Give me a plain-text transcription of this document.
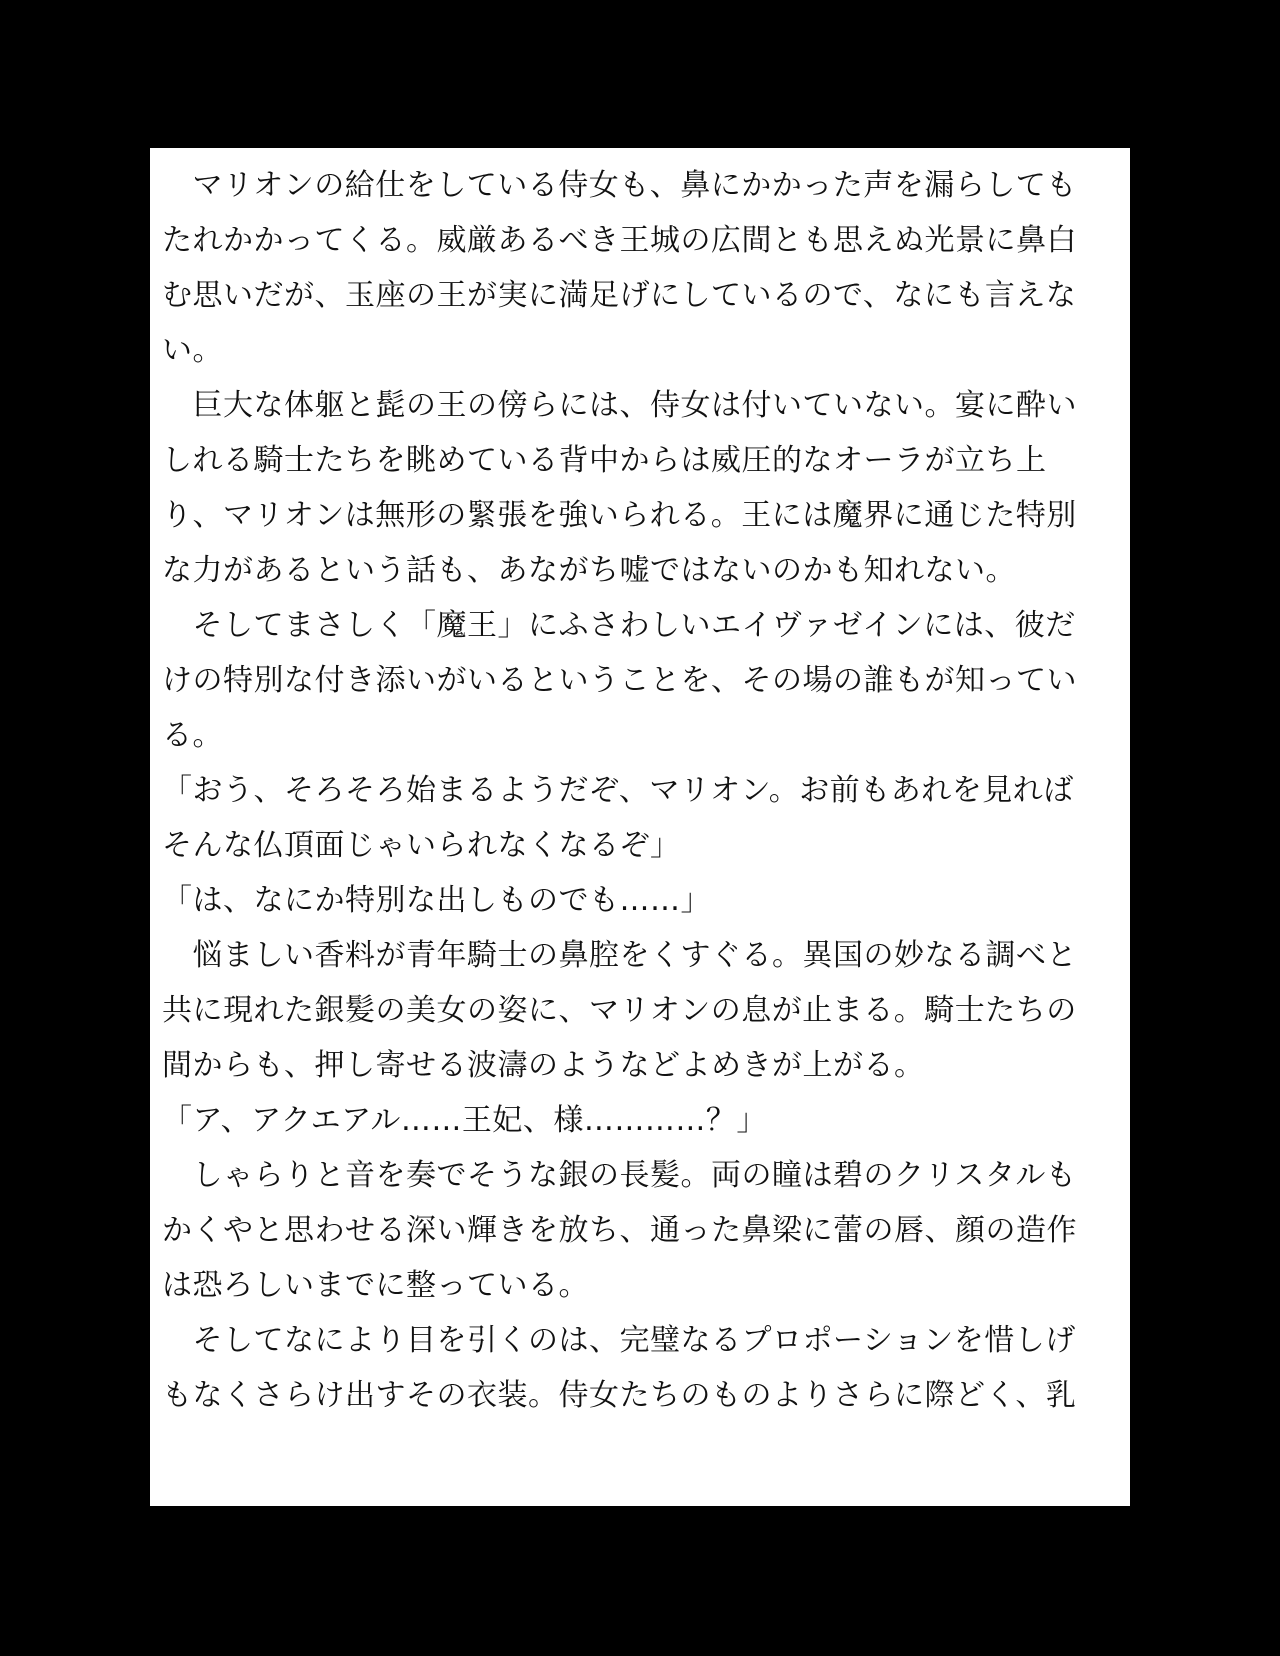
　マリオンの給仕をしている侍女も、鼻にかかった声を漏らしても
たれかかってくる。威厳あるべき王城の広間とも思えぬ光景に鼻白
む思いだが、玉座の王が実に満足げにしているので、なにも言えな
い。
　巨大な体躯と髭の王の傍らには、侍女は付いていない。宴に酔い
しれる騎士たちを眺めている背中からは威圧的なオーラが立ち上
り、マリオンは無形の緊張を強いられる。王には魔界に通じた特別
な力があるという話も、あながち嘘ではないのかも知れない。
　そしてまさしく「魔王」にふさわしいエイヴァゼインには、彼だ
けの特別な付き添いがいるということを、その場の誰もが知ってい
る。
「おう、そろそろ始まるようだぞ、マリオン。お前もあれを見れば
そんな仏頂面じゃいられなくなるぞ」
「は、なにか特別な出しものでも……」
　悩ましい香料が青年騎士の鼻腔をくすぐる。異国の妙なる調べと
共に現れた銀髪の美女の姿に、マリオンの息が止まる。騎士たちの
間からも、押し寄せる波濤のようなどよめきが上がる。
「ア、アクエアル……王妃、様…………？」
　しゃらりと音を奏でそうな銀の長髪。両の瞳は碧のクリスタルも
かくやと思わせる深い輝きを放ち、通った鼻梁に蕾の唇、顔の造作
は恐ろしいまでに整っている。
　そしてなにより目を引くのは、完璧なるプロポーションを惜しげ
もなくさらけ出すその衣装。侍女たちのものよりさらに際どく、乳
